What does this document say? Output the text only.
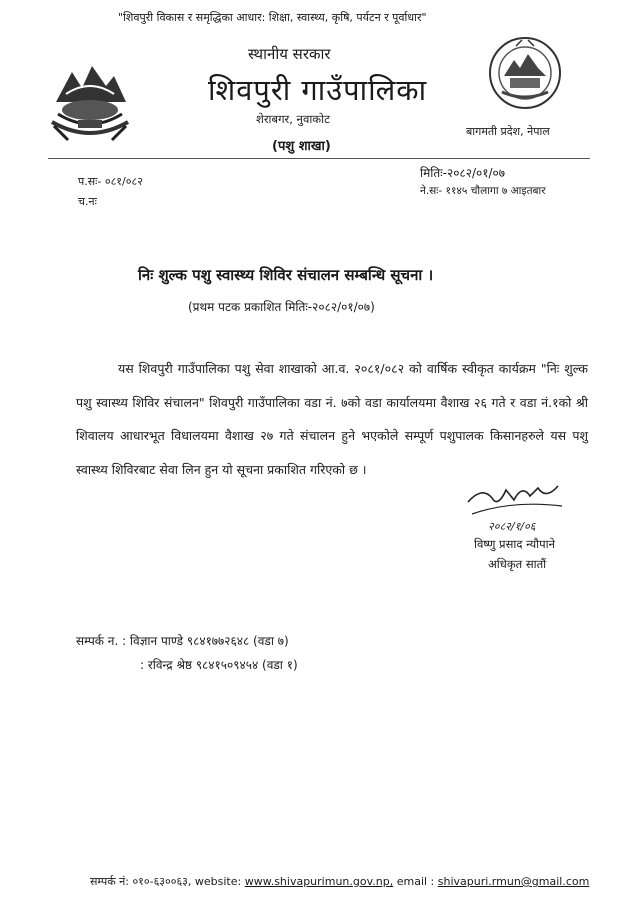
"शिवपुरी विकास र समृद्धिका आधार: शिक्षा, स्वास्थ्य, कृषि, पर्यटन र पूर्वाधार"
स्थानीय सरकार
शिवपुरी गाउँपालिका
शेराबगर, नुवाकोट
(पशु शाखा)
बागमती प्रदेश, नेपाल
प.सः- ०८१/०८२
च.नः
मितिः-२०८२/०१/०७
ने.सः- ११४५ चौलागा ७ आइतबार
निः शुल्क पशु स्वास्थ्य शिविर संचालन सम्बन्धि सूचना ।
(प्रथम पटक प्रकाशित मितिः-२०८२/०१/०७)

यस शिवपुरी गाउँपालिका पशु सेवा शाखाको आ.व. २०८१/०८२ को वार्षिक स्वीकृत कार्यक्रम "निः शुल्क पशु स्वास्थ्य शिविर संचालन" शिवपुरी गाउँपालिका वडा नं. ७को वडा कार्यालयमा वैशाख २६ गते र वडा नं.१को श्री शिवालय आधारभूत विधालयमा वैशाख २७ गते संचालन हुने भएकोले सम्पूर्ण पशुपालक किसानहरुले यस पशु स्वास्थ्य शिविरबाट सेवा लिन हुन यो सूचना प्रकाशित गरिएको छ ।

२०८२/१/०६
विष्णु प्रसाद न्यौपाने
अधिकृत सातौं
सम्पर्क न. : विज्ञान पाण्डे ९८४१७७२६४८ (वडा ७)
: रविन्द्र श्रेष्ठ ९८४१५०९४५४ (वडा १)
सम्पर्क नं: ०१०-६३००६३, website: www.shivapurimun.gov.np, email : shivapuri.rmun@gmail.com
